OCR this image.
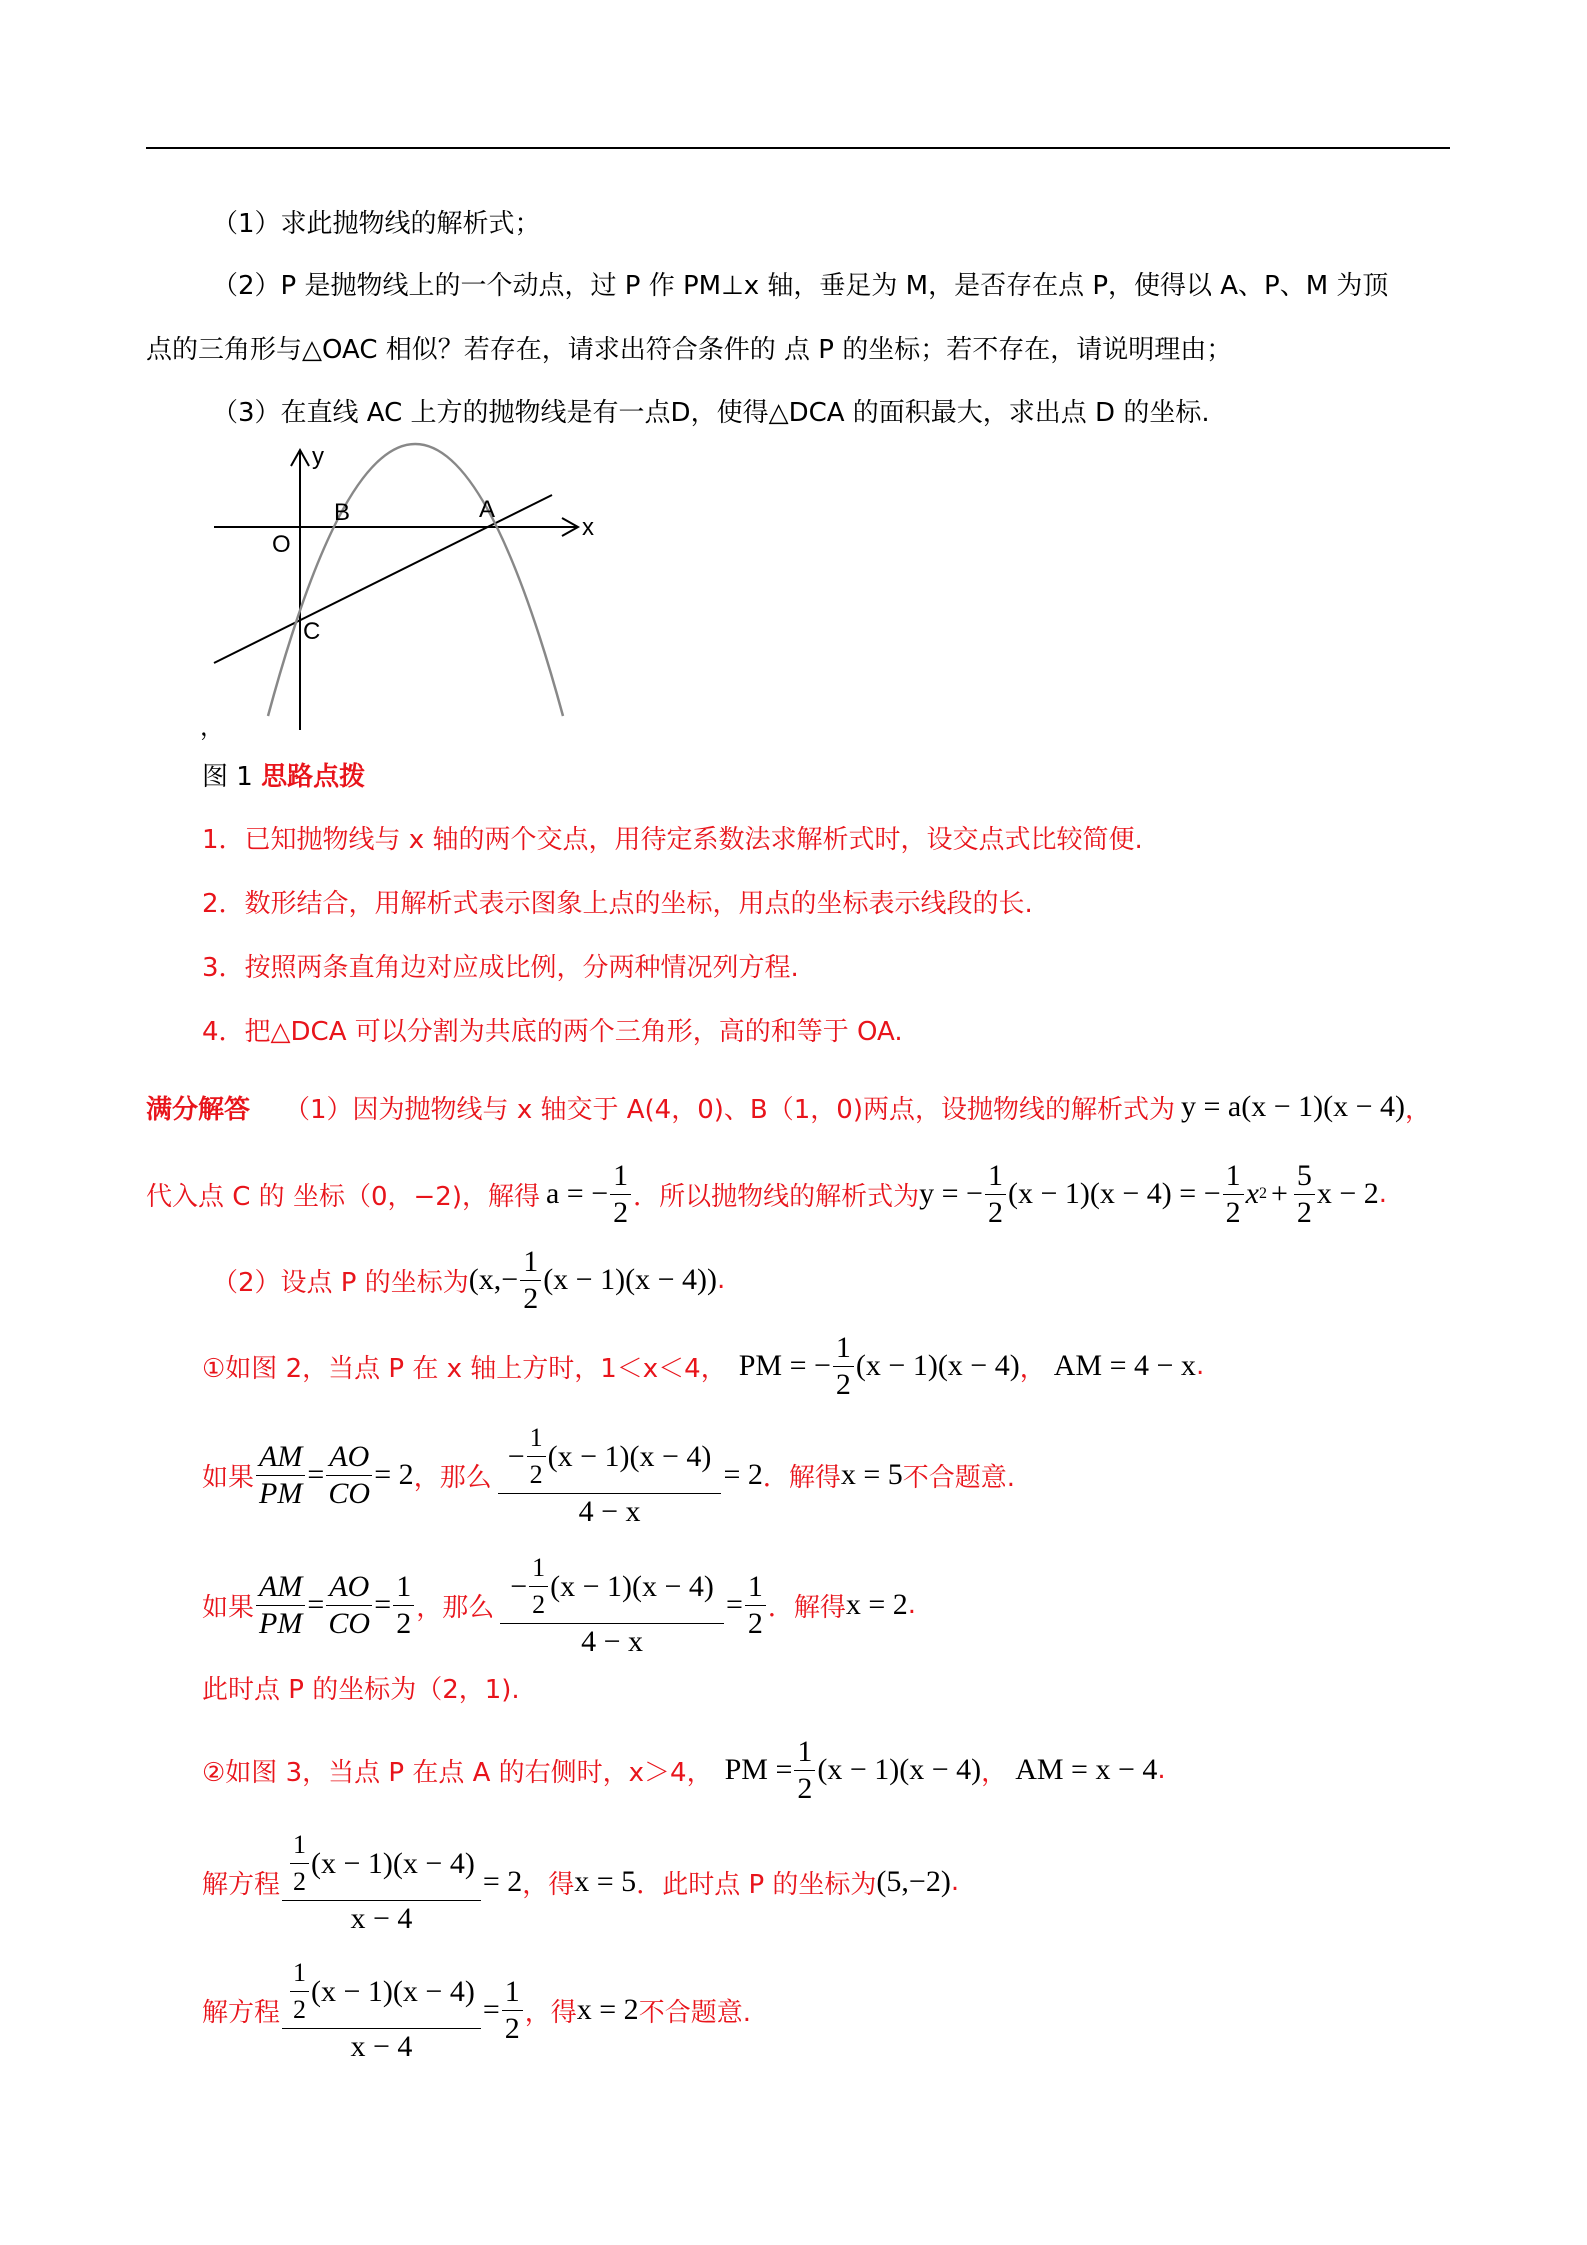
（1）求此抛物线的解析式；
（2）P 是抛物线上的一个动点，过 P 作 PM⊥x 轴，垂足为 M，是否存在点 P，使得以 A、P、M 为顶
点的三角形与△OAC 相似？若存在，请求出符合条件的 点 P 的坐标；若不存在，请说明理由；
（3）在直线 AC 上方的抛物线是有一点D，使得△DCA 的面积最大，求出点 D 的坐标.
y
x
O
B	A
C
，
图 1 思路点拨
1．已知抛物线与 x 轴的两个交点，用待定系数法求解析式时，设交点式比较简便.
2．数形结合，用解析式表示图象上点的坐标，用点的坐标表示线段的长.
3．按照两条直角边对应成比例，分两种情况列方程.
4．把△DCA 可以分割为共底的两个三角形，高的和等于 OA.
满分解答 （1）因为抛物线与 x 轴交于 A(4，0)、B（1，0)两点，设抛物线的解析式为 y = a(x − 1)(x − 4) ，
代入点 C 的 坐标（0，−2)，解得 a = − $\frac{1}{2}$ ．所以抛物线的解析式为 y = − $\frac{1}{2} (x - 1)(x - 4)$ = − $\frac{1}{2}$ x $2 + \frac{5}{2}$ x − 2 .
（2）设点 P 的坐标为 $(x,- \frac{1}{2} (x - 1)(x - 4))$ .
①如图 2，当点 P 在 x 轴上方时，1＜x＜4， PM = − $\frac{1}{2} (x - 1)(x - 4)$ ， AM = 4 − x .
如果 $\frac{AM}{PM} = \frac{AO}{CO} = 2$ ，那么 $\frac{- \frac{1}{2} (x - 1)(x - 4)}{4 - x} = 2$ ．解得 x = 5 不合题意.
如果 $\frac{AM}{PM} = \frac{AO}{CO} = \frac{1}{2}$ ，那么 $\frac{- \frac{1}{2} (x - 1)(x - 4)}{4 - x} = \frac{1}{2}$ ．解得 x = 2 .
此时点 P 的坐标为（2，1).
②如图 3，当点 P 在点 A 的右侧时，x＞4， PM = $\frac{1}{2} (x - 1)(x - 4)$ ， AM = x − 4 .
解方程 $\frac{\frac{1}{2} (x - 1)(x - 4)}{x - 4} = 2$ ，得 x = 5 ．此时点 P 的坐标为 (5,−2) .
解方程 $\frac{\frac{1}{2} (x - 1)(x - 4)}{x - 4} = \frac{1}{2}$ ，得 x = 2 不合题意.
